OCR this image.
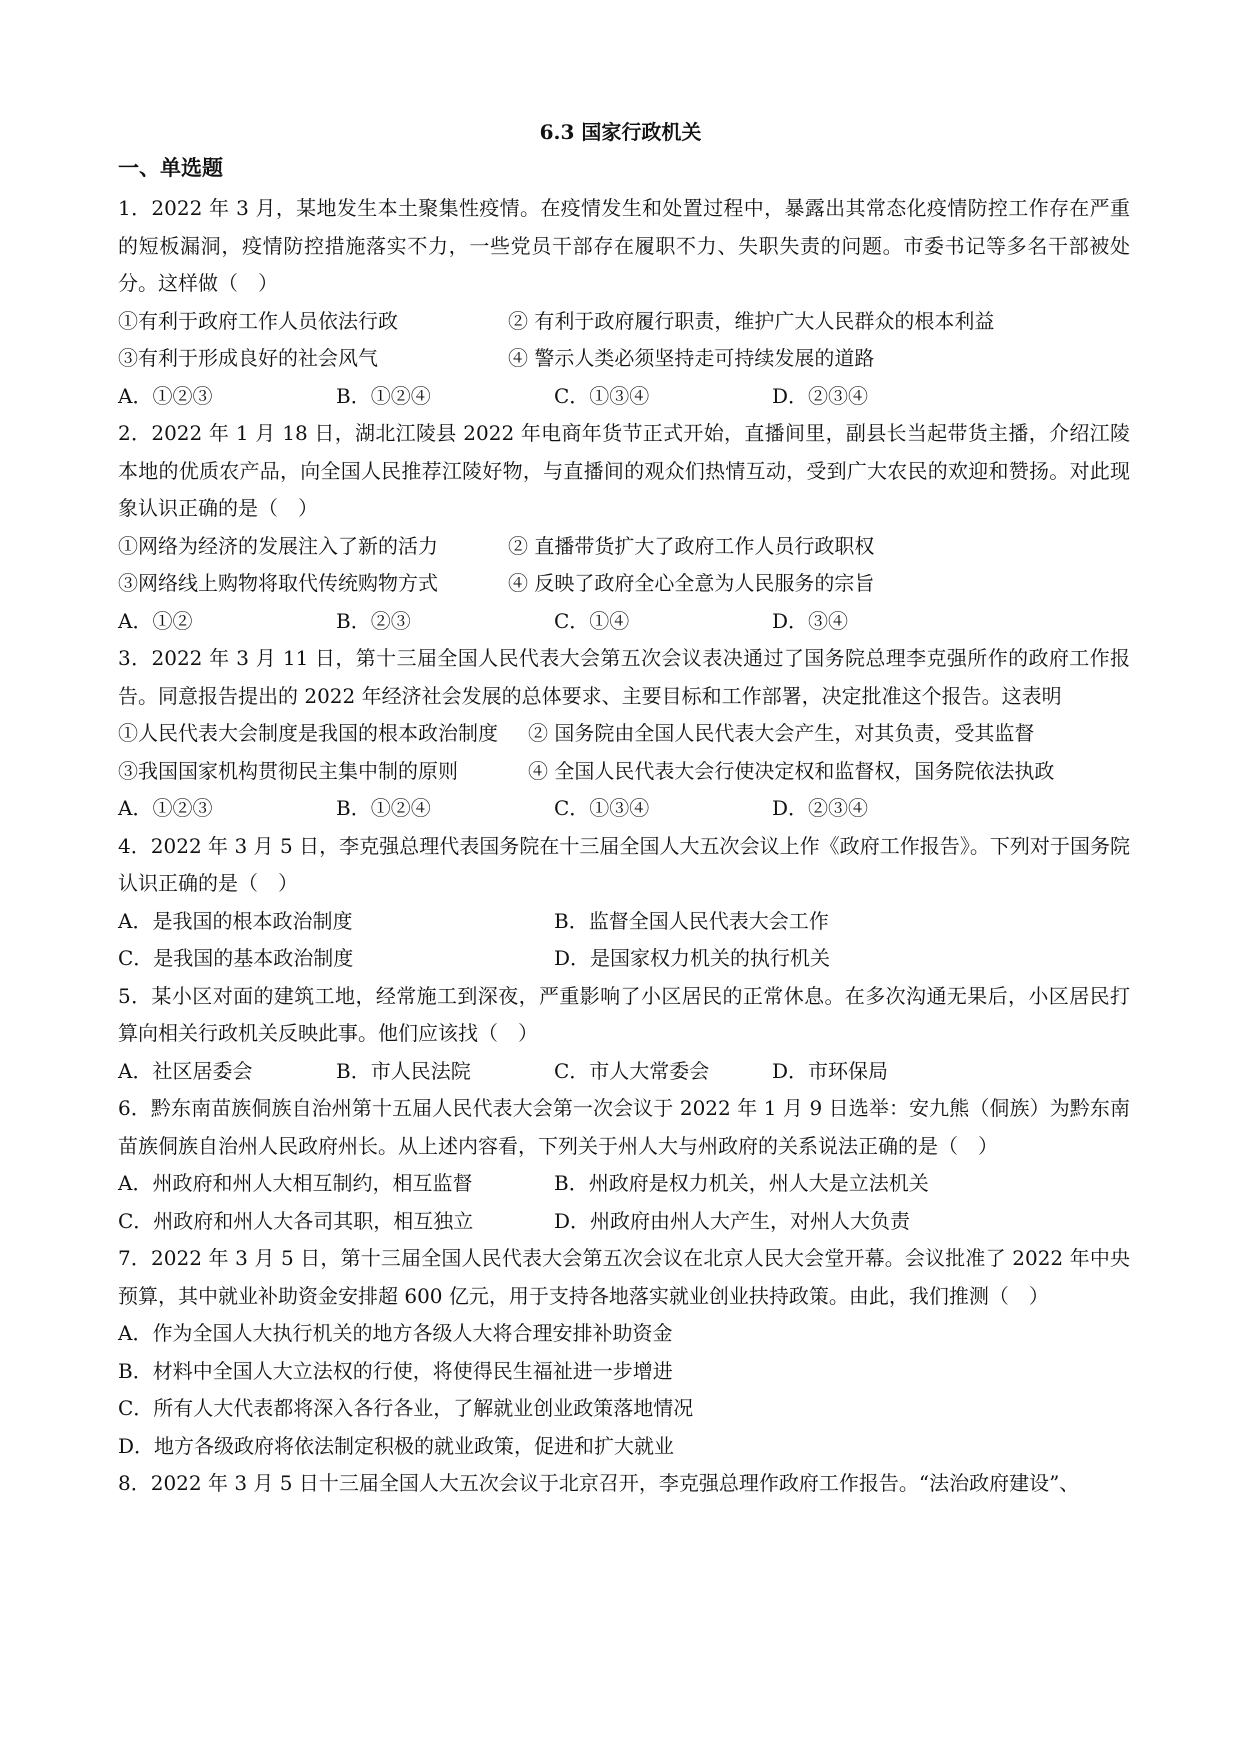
6.3 国家行政机关
一、单选题
1．2022 年 3 月，某地发生本土聚集性疫情。在疫情发生和处置过程中，暴露出其常态化疫情防控工作存在严重的短板漏洞，疫情防控措施落实不力，一些党员干部存在履职不力、失职失责的问题。市委书记等多名干部被处分。这样做（　）
①有利于政府工作人员依法行政	② 有利于政府履行职责，维护广大人民群众的根本利益
③有利于形成良好的社会风气	④ 警示人类必须坚持走可持续发展的道路
A．①②③	B．①②④	C．①③④	D．②③④
2．2022 年 1 月 18 日，湖北江陵县 2022 年电商年货节正式开始，直播间里，副县长当起带货主播，介绍江陵本地的优质农产品，向全国人民推荐江陵好物，与直播间的观众们热情互动，受到广大农民的欢迎和赞扬。对此现象认识正确的是（　）
①网络为经济的发展注入了新的活力	② 直播带货扩大了政府工作人员行政职权
③网络线上购物将取代传统购物方式	④ 反映了政府全心全意为人民服务的宗旨
A．①②	B．②③	C．①④	D．③④
3．2022 年 3 月 11 日，第十三届全国人民代表大会第五次会议表决通过了国务院总理李克强所作的政府工作报告。同意报告提出的 2022 年经济社会发展的总体要求、主要目标和工作部署，决定批准这个报告。这表明
①人民代表大会制度是我国的根本政治制度	② 国务院由全国人民代表大会产生，对其负责，受其监督
③我国国家机构贯彻民主集中制的原则	④ 全国人民代表大会行使决定权和监督权，国务院依法执政
A．①②③	B．①②④	C．①③④	D．②③④
4．2022 年 3 月 5 日，李克强总理代表国务院在十三届全国人大五次会议上作《政府工作报告》。下列对于国务院认识正确的是（　）
A．是我国的根本政治制度	B．监督全国人民代表大会工作
C．是我国的基本政治制度	D．是国家权力机关的执行机关
5．某小区对面的建筑工地，经常施工到深夜，严重影响了小区居民的正常休息。在多次沟通无果后，小区居民打算向相关行政机关反映此事。他们应该找（　）
A．社区居委会	B．市人民法院	C．市人大常委会	D．市环保局
6．黔东南苗族侗族自治州第十五届人民代表大会第一次会议于 2022 年 1 月 9 日选举：安九熊（侗族）为黔东南苗族侗族自治州人民政府州长。从上述内容看，下列关于州人大与州政府的关系说法正确的是（　）
A．州政府和州人大相互制约，相互监督	B．州政府是权力机关，州人大是立法机关
C．州政府和州人大各司其职，相互独立	D．州政府由州人大产生，对州人大负责
7．2022 年 3 月 5 日，第十三届全国人民代表大会第五次会议在北京人民大会堂开幕。会议批准了 2022 年中央预算，其中就业补助资金安排超 600 亿元，用于支持各地落实就业创业扶持政策。由此，我们推测（　）
A．作为全国人大执行机关的地方各级人大将合理安排补助资金
B．材料中全国人大立法权的行使，将使得民生福祉进一步增进
C．所有人大代表都将深入各行各业，了解就业创业政策落地情况
D．地方各级政府将依法制定积极的就业政策，促进和扩大就业
8．2022 年 3 月 5 日十三届全国人大五次会议于北京召开，李克强总理作政府工作报告。“法治政府建设”、
